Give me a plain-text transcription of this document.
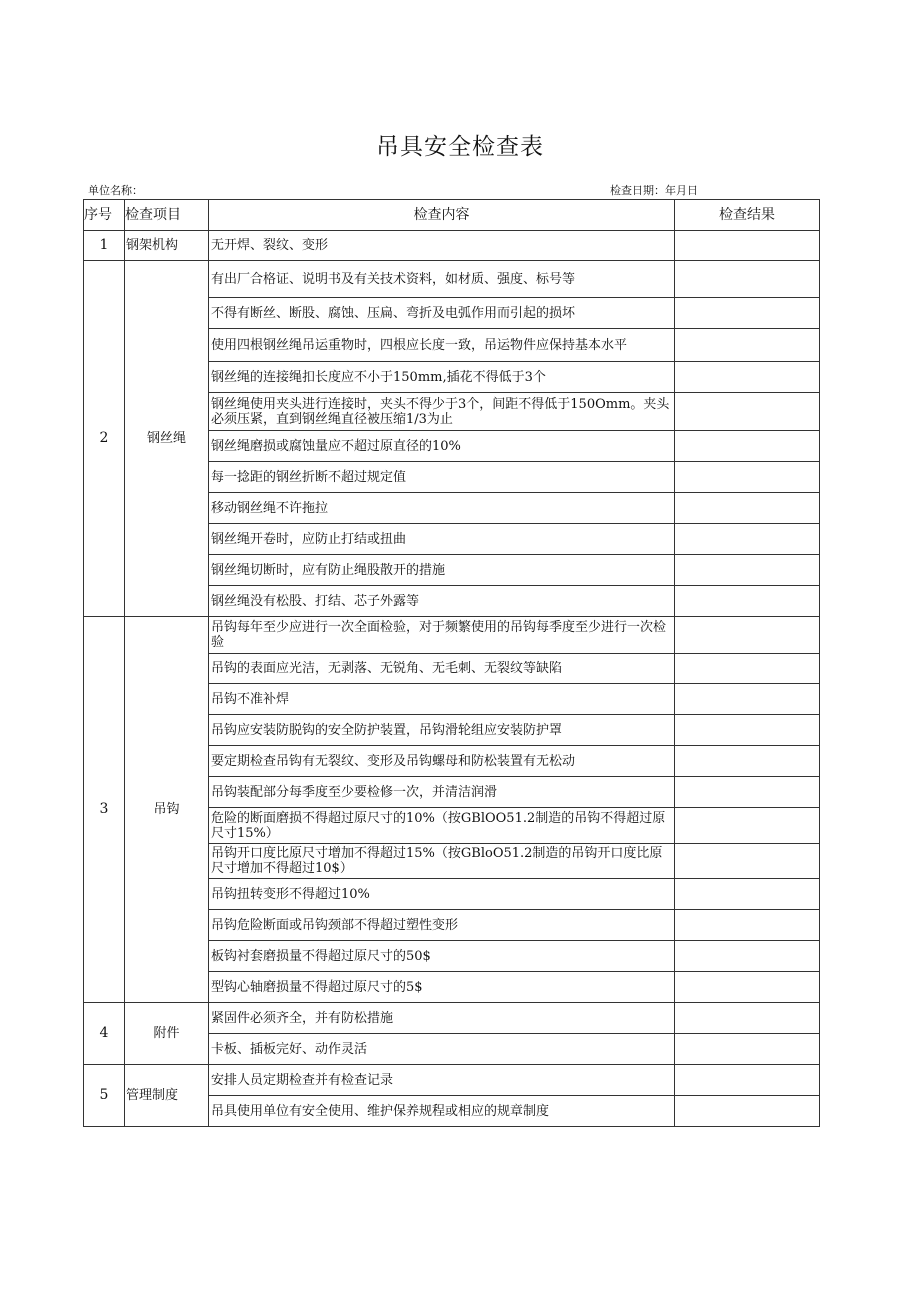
吊具安全检查表
单位名称：	检查日期：年月日
序号	检查项目	检查内容	检查结果
1	钢架机构	无开焊、裂纹、变形	
2	钢丝绳	有出厂合格证、说明书及有关技术资料，如材质、强度、标号等	
		不得有断丝、断股、腐蚀、压扁、弯折及电弧作用而引起的损坏	
		使用四根钢丝绳吊运重物时，四根应长度一致，吊运物件应保持基本水平	
		钢丝绳的连接绳扣长度应不小于150mm,插花不得低于3个	
		钢丝绳使用夹头进行连接时，夹头不得少于3个，间距不得低于150Omm。夹头必须压紧，直到钢丝绳直径被压缩1/3为止	
		钢丝绳磨损或腐蚀量应不超过原直径的10%	
		每一捻距的钢丝折断不超过规定值	
		移动钢丝绳不许拖拉	
		钢丝绳开卷时，应防止打结或扭曲	
		钢丝绳切断时，应有防止绳股散开的措施	
		钢丝绳没有松股、打结、芯子外露等	
3	吊钩	吊钩每年至少应进行一次全面检验，对于频繁使用的吊钩每季度至少进行一次检验	
		吊钩的表面应光洁，无剥落、无锐角、无毛刺、无裂纹等缺陷	
		吊钩不准补焊	
		吊钩应安装防脱钩的安全防护装置，吊钩滑轮组应安装防护罩	
		要定期检查吊钩有无裂纹、变形及吊钩螺母和防松装置有无松动	
		吊钩装配部分每季度至少要检修一次，并清洁润滑	
		危险的断面磨损不得超过原尺寸的10%（按GBlOO51.2制造的吊钩不得超过原尺寸15%）	
		吊钩开口度比原尺寸增加不得超过15%（按GBloO51.2制造的吊钩开口度比原尺寸增加不得超过10$）	
		吊钩扭转变形不得超过10%	
		吊钩危险断面或吊钩颈部不得超过塑性变形	
		板钩衬套磨损量不得超过原尺寸的50$	
		型钩心轴磨损量不得超过原尺寸的5$	
4	附件	紧固件必须齐全，并有防松措施	
		卡板、插板完好、动作灵活	
5	管理制度	安排人员定期检查并有检查记录	
		吊具使用单位有安全使用、维护保养规程或相应的规章制度	
